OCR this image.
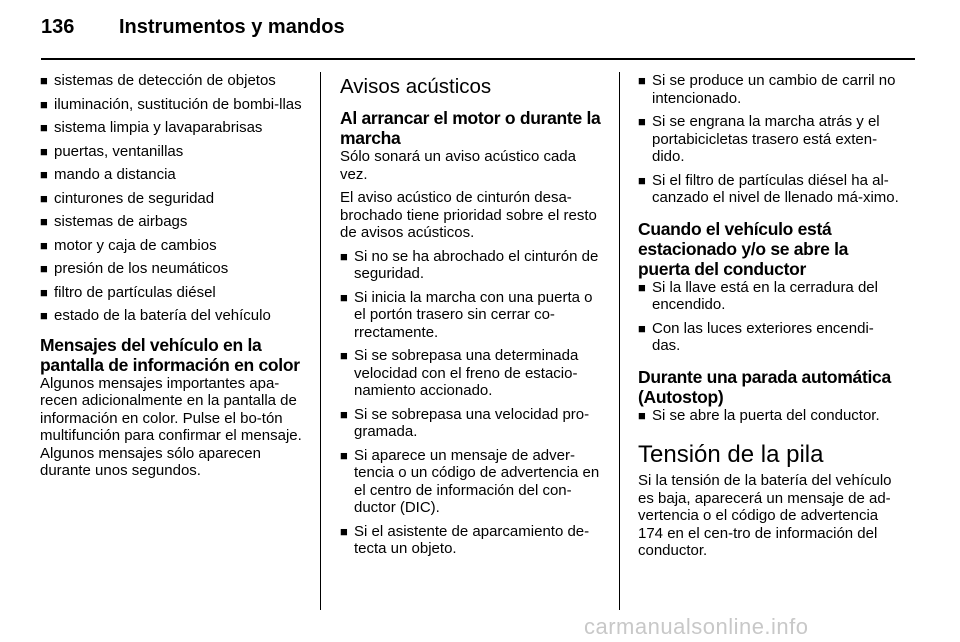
136 Instrumentos y mandos
■ sistemas de detección de objetos
■ iluminación, sustitución de bombi-llas
■ sistema limpia y lavaparabrisas
■ puertas, ventanillas
■ mando a distancia
■ cinturones de seguridad
■ sistemas de airbags
■ motor y caja de cambios
■ presión de los neumáticos
■ filtro de partículas diésel
■ estado de la batería del vehículo
Mensajes del vehículo en la pantalla de información en color

Algunos mensajes importantes apa-recen adicionalmente en la pantalla de información en color. Pulse el bo-tón multifunción para confirmar el mensaje. Algunos mensajes sólo aparecen durante unos segundos.

Avisos acústicos
Al arrancar el motor o durante la marcha

Sólo sonará un aviso acústico cada vez.

El aviso acústico de cinturón desa-brochado tiene prioridad sobre el resto de avisos acústicos.

■ Si no se ha abrochado el cinturón de seguridad.
■ Si inicia la marcha con una puerta o el portón trasero sin cerrar co-rrectamente.
■ Si se sobrepasa una determinada velocidad con el freno de estacio-namiento accionado.
■ Si se sobrepasa una velocidad pro-gramada.
■ Si aparece un mensaje de adver-tencia o un código de advertencia en el centro de información del con-ductor (DIC).
■ Si el asistente de aparcamiento de-tecta un objeto.
■ Si se produce un cambio de carril no intencionado.
■ Si se engrana la marcha atrás y el portabicicletas trasero está exten-dido.
■ Si el filtro de partículas diésel ha al-canzado el nivel de llenado má-ximo.
Cuando el vehículo está estacionado y/o se abre la puerta del conductor
■ Si la llave está en la cerradura del encendido.
■ Con las luces exteriores encendi-das.
Durante una parada automática (Autostop)
■ Si se abre la puerta del conductor.
Tensión de la pila

Si la tensión de la batería del vehículo es baja, aparecerá un mensaje de ad-vertencia o el código de advertencia 174 en el cen-tro de información del conductor.

carmanualsonline.info
